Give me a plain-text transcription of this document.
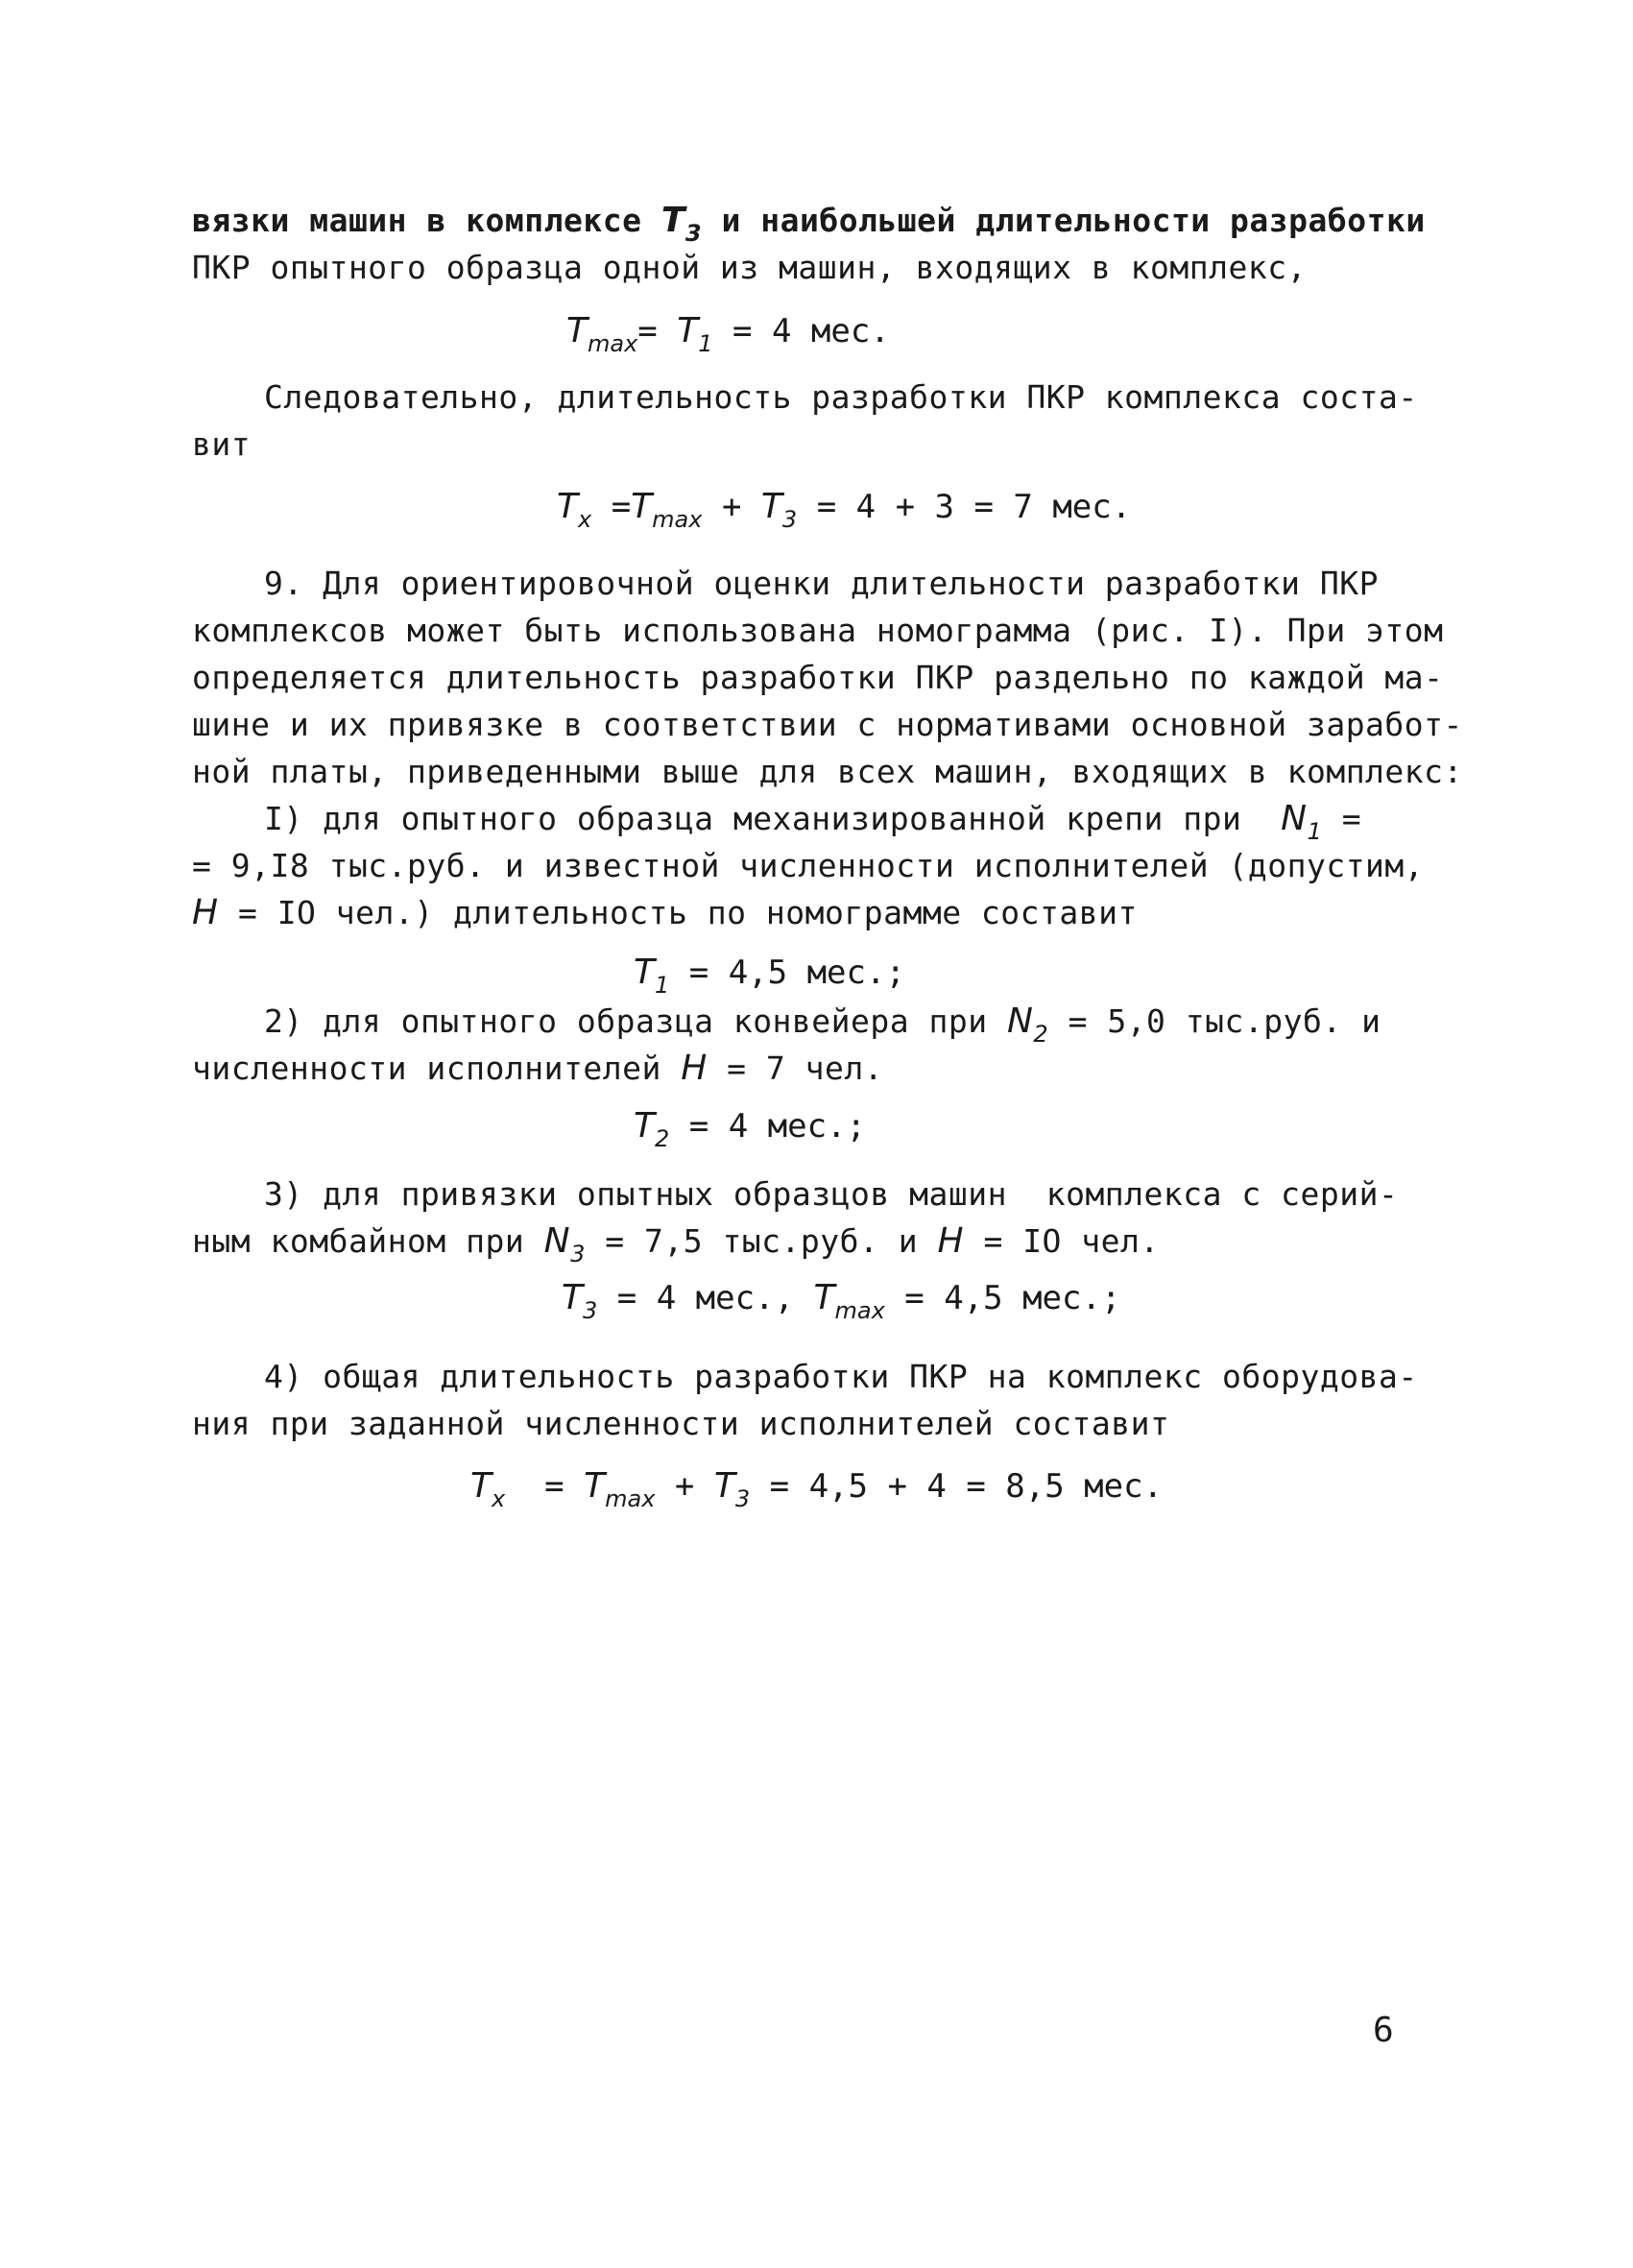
вязки машин в комплексе $T_3$ и наибольшей длительности разработки
ПКР опытного образца одной из машин, входящих в комплекс,
$T_{max}= T_1 = 4$ мес.
Следовательно, длительность разработки ПКР комплекса соста-
вит
$T_x =T_{max} + T_3 = 4 + 3 = 7$ мес.
9. Для ориентировочной оценки длительности разработки ПКР
комплексов может быть использована номограмма (рис. I). При этом
определяется длительность разработки ПКР раздельно по каждой ма-
шине и их привязке в соответствии с нормативами основной заработ-
ной платы, приведенными выше для всех машин, входящих в комплекс:
I) для опытного образца механизированной крепи при $N_1$ =
= 9,I8 тыс.руб. и известной численности исполнителей (допустим,
H = IO чел.) длительность по номограмме составит
$T_1 = 4,5$ мес.;
2) для опытного образца конвейера при $N_2 = 5,0$ тыс.руб. и
численности исполнителей H = 7 чел.
$T_2 = 4$ мес.;
3) для привязки опытных образцов машин  комплекса с серий-
ным комбайном при $N_3 = 7,5$ тыс.руб. и H = IO чел.
$T_3 = 4$ мес., $T_{max} = 4,5$ мес.;
4) общая длительность разработки ПКР на комплекс оборудова-
ния при заданной численности исполнителей составит
$T_x = T_{max} + T_3 = 4,5 + 4 = 8,5$ мес.
6
